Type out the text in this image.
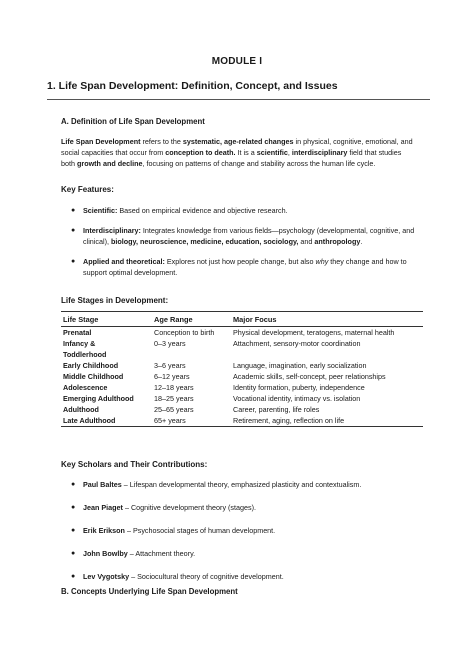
MODULE I
1. Life Span Development: Definition, Concept, and Issues
A. Definition of Life Span Development
Life Span Development refers to the systematic, age-related changes in physical, cognitive, emotional, and social capacities that occur from conception to death. It is a scientific, interdisciplinary field that studies both growth and decline, focusing on patterns of change and stability across the human life cycle.
Key Features:
● Scientific: Based on empirical evidence and objective research.
● Interdisciplinary: Integrates knowledge from various fields—psychology (developmental, cognitive, and clinical), biology, neuroscience, medicine, education, sociology, and anthropology.
● Applied and theoretical: Explores not just how people change, but also why they change and how to support optimal development.
Life Stages in Development:
Life Stage	Age Range	Major Focus
Prenatal	Conception to birth	Physical development, teratogens, maternal health
Infancy & Toddlerhood	0–3 years	Attachment, sensory-motor coordination
Early Childhood	3–6 years	Language, imagination, early socialization
Middle Childhood	6–12 years	Academic skills, self-concept, peer relationships
Adolescence	12–18 years	Identity formation, puberty, independence
Emerging Adulthood	18–25 years	Vocational identity, intimacy vs. isolation
Adulthood	25–65 years	Career, parenting, life roles
Late Adulthood	65+ years	Retirement, aging, reflection on life
Key Scholars and Their Contributions:
● Paul Baltes – Lifespan developmental theory, emphasized plasticity and contextualism.
● Jean Piaget – Cognitive development theory (stages).
● Erik Erikson – Psychosocial stages of human development.
● John Bowlby – Attachment theory.
● Lev Vygotsky – Sociocultural theory of cognitive development.
B. Concepts Underlying Life Span Development
